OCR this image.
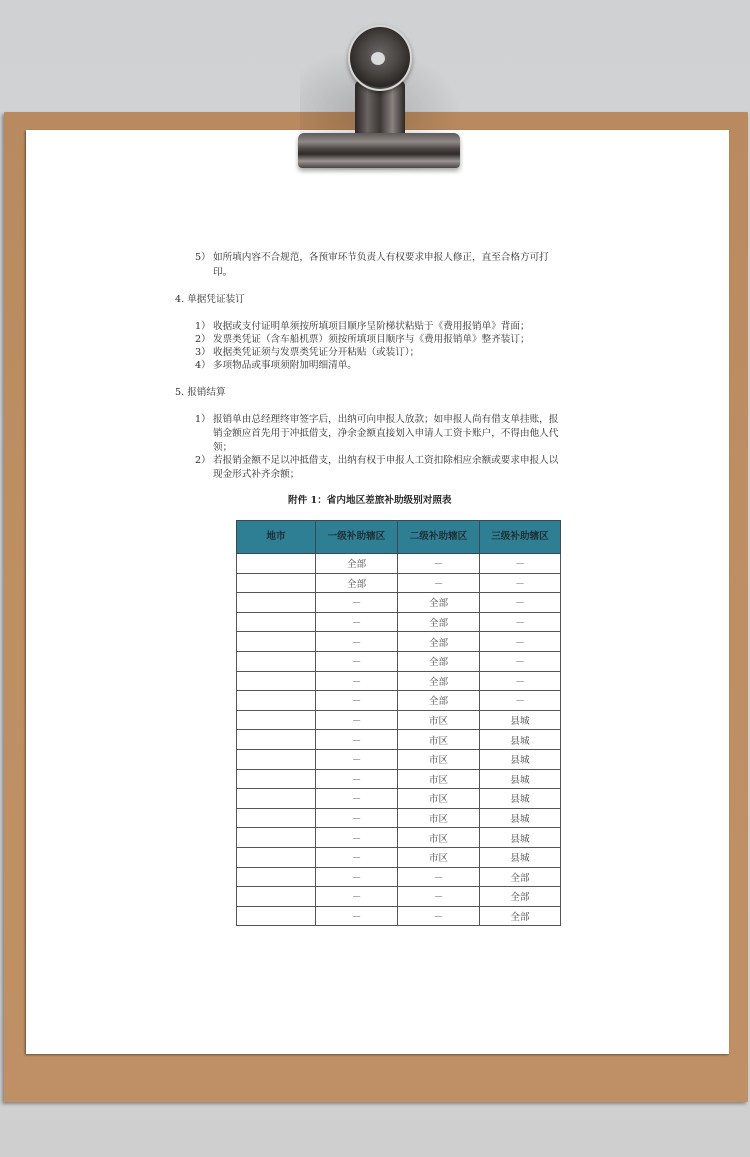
5） 如所填内容不合规范，各预审环节负责人有权要求申报人修正，直至合格方可打
印。
4. 单据凭证装订
1） 收据或支付证明单须按所填项目顺序呈阶梯状粘贴于《费用报销单》背面；
2） 发票类凭证（含车船机票）须按所填项目顺序与《费用报销单》整齐装订；
3） 收据类凭证须与发票类凭证分开粘贴（或装订）；
4） 多项物品或事项须附加明细清单。
5. 报销结算
1） 报销单由总经理终审签字后，出纳可向申报人放款；如申报人尚有借支单挂账，报
销金额应首先用于冲抵借支，净余金额直接划入申请人工资卡账户，不得由他人代
领；
2） 若报销金额不足以冲抵借支，出纳有权于申报人工资扣除相应余额或要求申报人以
现金形式补齐余额；
附件 1：省内地区差旅补助级别对照表
地市	一级补助辖区	二级补助辖区	三级补助辖区
	全部	－	－
	全部	－	－
	－	全部	－
	－	全部	－
	－	全部	－
	－	全部	－
	－	全部	－
	－	全部	－
	－	市区	县城
	－	市区	县城
	－	市区	县城
	－	市区	县城
	－	市区	县城
	－	市区	县城
	－	市区	县城
	－	市区	县城
	－	－	全部
	－	－	全部
	－	－	全部
